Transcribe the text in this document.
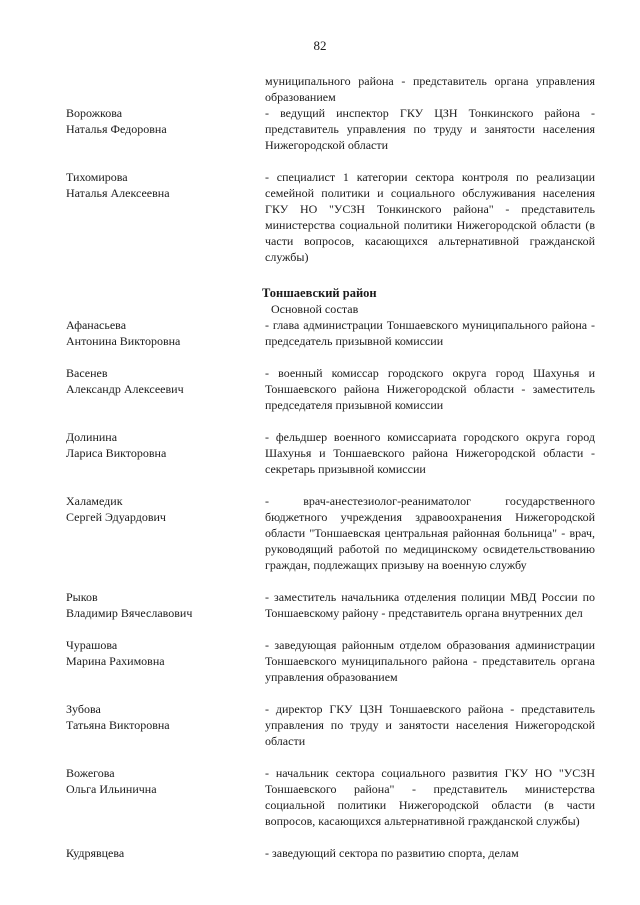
82
муниципального района - представитель органа управления образованием
Ворожкова
Наталья Федоровна
- ведущий инспектор ГКУ ЦЗН Тонкинского района - представитель управления по труду и занятости населения Нижегородской области
Тихомирова
Наталья Алексеевна
- специалист 1 категории сектора контроля по реализации семейной политики и социального обслуживания населения ГКУ НО "УСЗН Тонкинского района" - представитель министерства социальной политики Нижегородской области (в части вопросов, касающихся альтернативной гражданской службы)
Тоншаевский район
Основной состав
Афанасьева
Антонина Викторовна
- глава администрации Тоншаевского муниципального района - председатель призывной комиссии
Васенев
Александр Алексеевич
- военный комиссар городского округа город Шахунья и Тоншаевского района Нижегородской области - заместитель председателя призывной комиссии
Долинина
Лариса Викторовна
- фельдшер военного комиссариата городского округа город Шахунья и Тоншаевского района Нижегородской области - секретарь призывной комиссии
Халамедик
Сергей Эдуардович
- врач-анестезиолог-реаниматолог государственного бюджетного учреждения здравоохранения Нижегородской области "Тоншаевская центральная районная больница" - врач, руководящий работой по медицинскому освидетельствованию граждан, подлежащих призыву на военную службу
Рыков
Владимир Вячеславович
- заместитель начальника отделения полиции МВД России по Тоншаевскому району - представитель органа внутренних дел
Чурашова
Марина Рахимовна
- заведующая районным отделом образования администрации Тоншаевского муниципального района - представитель органа управления образованием
Зубова
Татьяна Викторовна
- директор ГКУ ЦЗН Тоншаевского района - представитель управления по труду и занятости населения Нижегородской области
Вожегова
Ольга Ильинична
- начальник сектора социального развития ГКУ НО "УСЗН Тоншаевского района" - представитель министерства социальной политики Нижегородской области (в части вопросов, касающихся альтернативной гражданской службы)
Кудрявцева	- заведующий сектора по развитию спорта, делам
